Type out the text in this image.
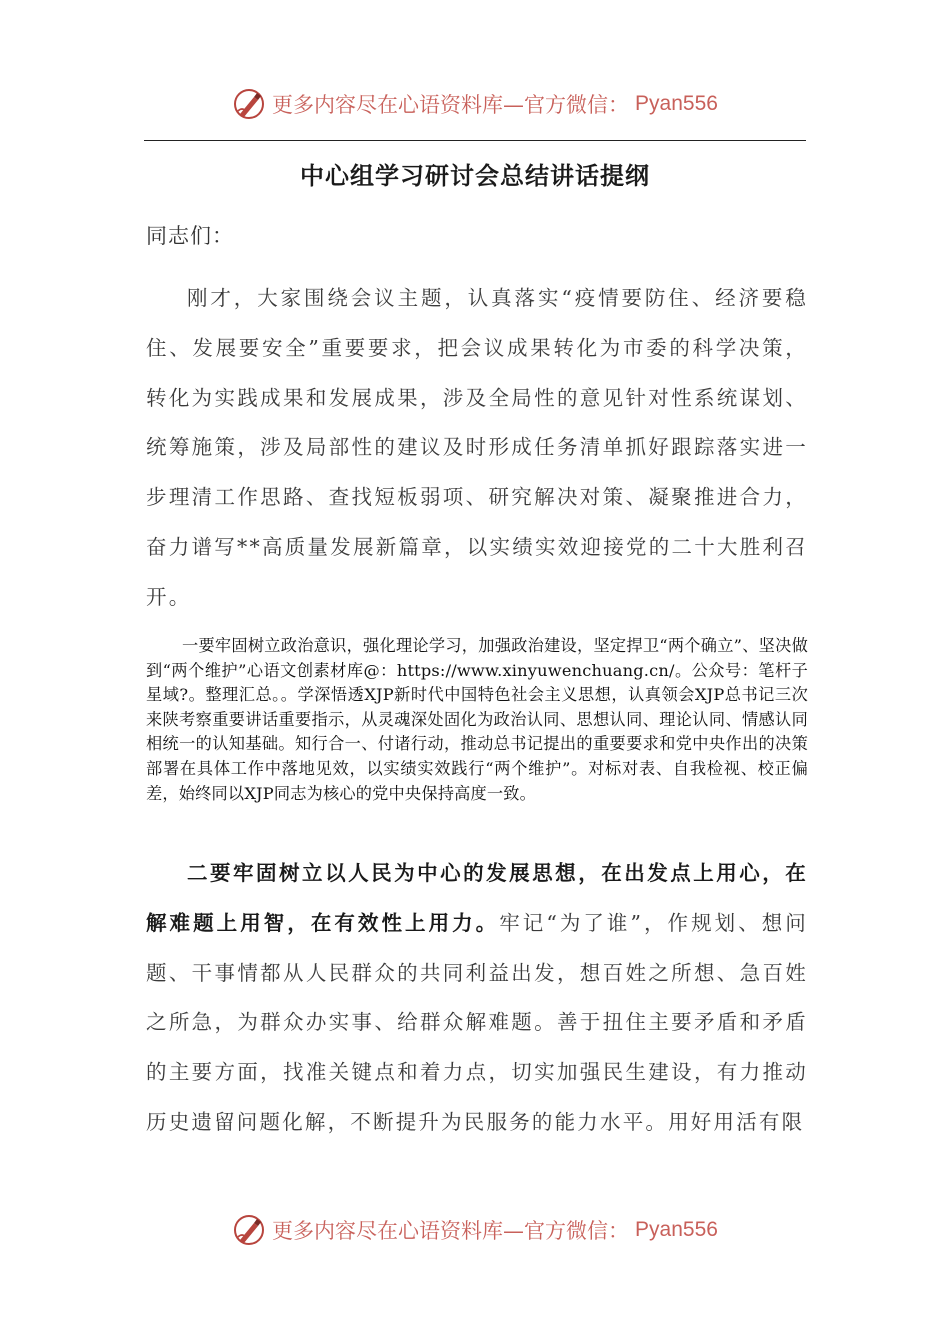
更多内容尽在心语资料库—官方微信： Pyan556
中心组学习研讨会总结讲话提纲
同志们：
刚才，大家围绕会议主题，认真落实“疫情要防住、经济要稳住、发展要安全”重要要求，把会议成果转化为市委的科学决策，转化为实践成果和发展成果，涉及全局性的意见针对性系统谋划、统筹施策，涉及局部性的建议及时形成任务清单抓好跟踪落实进一步理清工作思路、查找短板弱项、研究解决对策、凝聚推进合力，奋力谱写**高质量发展新篇章，以实绩实效迎接党的二十大胜利召开。
一要牢固树立政治意识，强化理论学习，加强政治建设，坚定捍卫“两个确立”、坚决做到“两个维护”心语文创素材库@：https://www.xinyuwenchuang.cn/。公众号：笔杆子星域?。整理汇总。。学深悟透XJP新时代中国特色社会主义思想，认真领会XJP总书记三次来陕考察重要讲话重要指示，从灵魂深处固化为政治认同、思想认同、理论认同、情感认同相统一的认知基础。知行合一、付诸行动，推动总书记提出的重要要求和党中央作出的决策部署在具体工作中落地见效，以实绩实效践行“两个维护”。对标对表、自我检视、校正偏差，始终同以XJP同志为核心的党中央保持高度一致。
二要牢固树立以人民为中心的发展思想，在出发点上用心，在解难题上用智，在有效性上用力。牢记“为了谁”，作规划、想问题、干事情都从人民群众的共同利益出发，想百姓之所想、急百姓之所急，为群众办实事、给群众解难题。善于扭住主要矛盾和矛盾的主要方面，找准关键点和着力点，切实加强民生建设，有力推动历史遗留问题化解，不断提升为民服务的能力水平。用好用活有限
更多内容尽在心语资料库—官方微信： Pyan556
